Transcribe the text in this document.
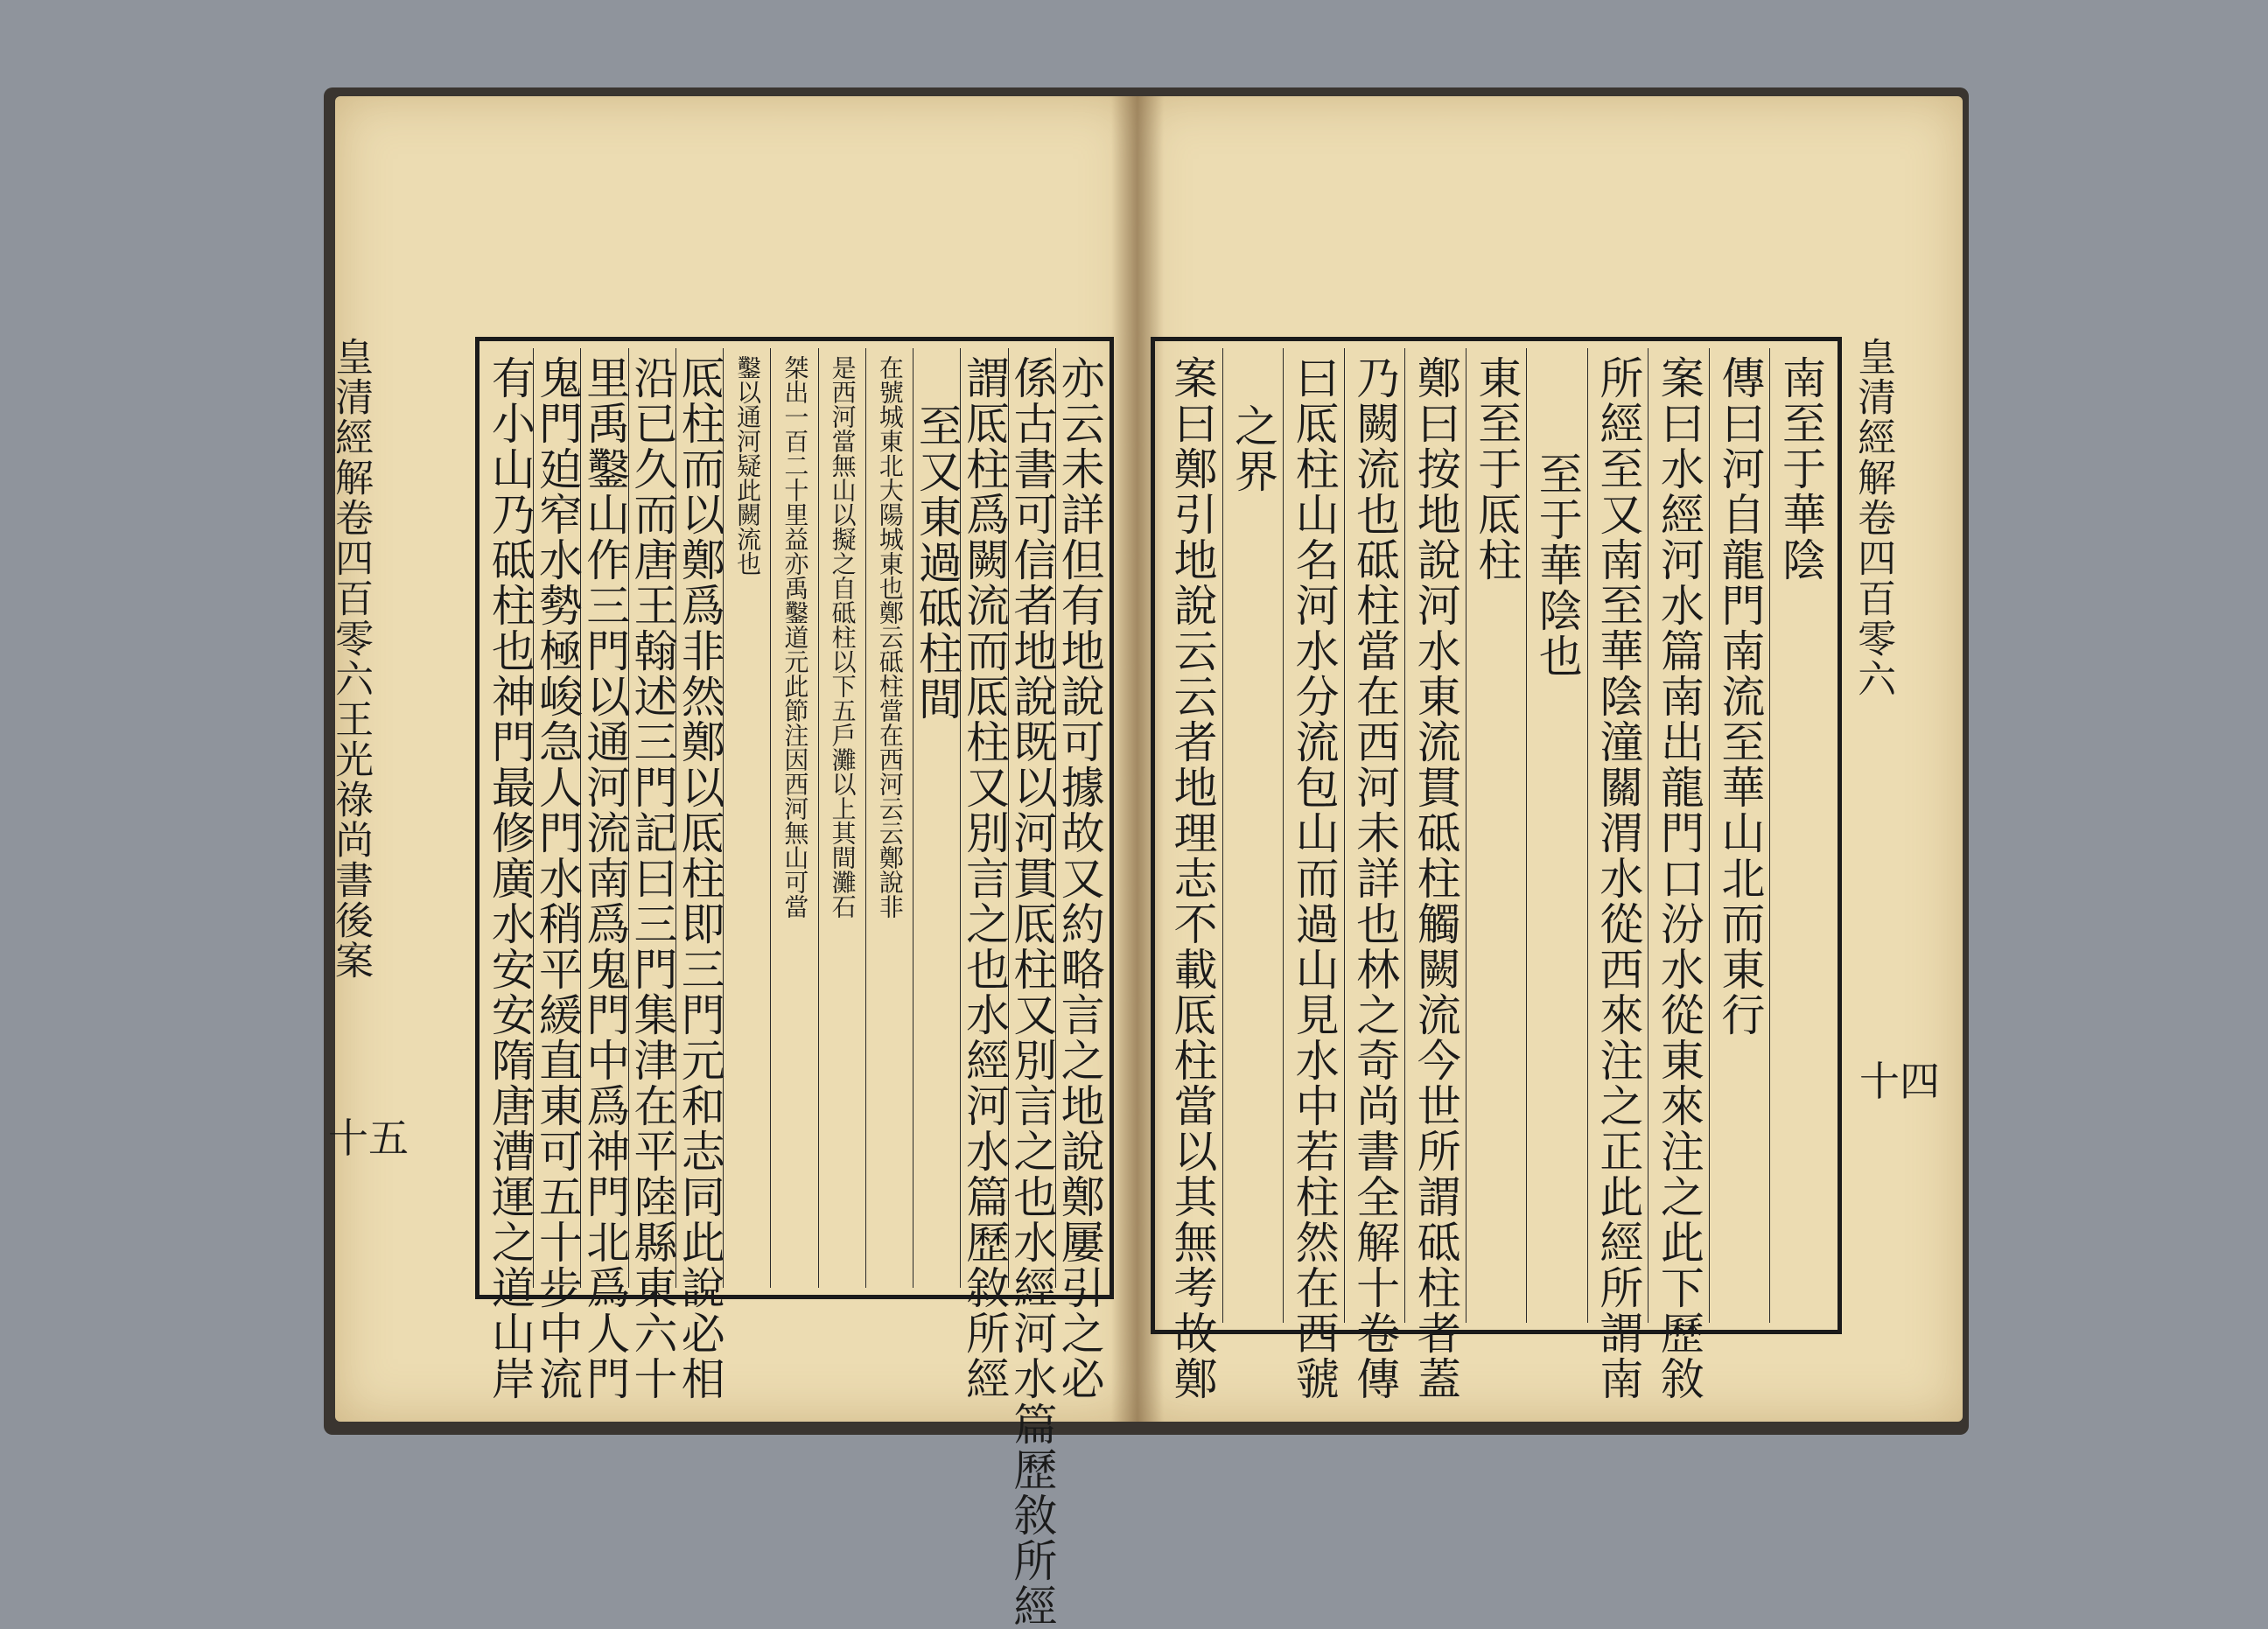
皇清經解卷四百零六王光祿尚書後案	皇清經解卷四百零六
十五
十四
亦云未詳但有地說可據故又約略言之地說鄭屢引之必
係古書可信者地說既以河貫厎柱又別言之也水經河水篇歷敘所經
謂厎柱爲闕流而厎柱又別言之也水經河水篇歷敘所經
至又東過砥柱間
在號城東北大陽城東也鄭云砥柱當在西河云云鄭說非
是西河當無山以擬之自砥柱以下五戶灘以上其間灘石
桀出一百二十里益亦禹鑿道元此節注因西河無山可當
鑿以通河疑此闕流也
厎柱而以鄭爲非然鄭以厎柱即三門元和志同此說必相
沿已久而唐王翰述三門記曰三門集津在平陸縣東六十
里禹鑿山作三門以通河流南爲鬼門中爲神門北爲人門
鬼門廹窄水勢極峻急人門水稍平緩直東可五十步中流
有小山乃砥柱也神門最修廣水安安隋唐漕運之道山岸	南至于華陰
傳曰河自龍門南流至華山北而東行
案曰水經河水篇南出龍門口汾水從東來注之此下歷敘
所經至又南至華陰潼關渭水從西來注之正此經所謂南
至于華陰也
東至于厎柱
鄭曰按地說河水東流貫砥柱觸闕流今世所謂砥柱者蓋
乃闕流也砥柱當在西河未詳也林之奇尚書全解十卷傳
曰厎柱山名河水分流包山而過山見水中若柱然在西虢
之界
案曰鄭引地說云云者地理志不載厎柱當以其無考故鄭
